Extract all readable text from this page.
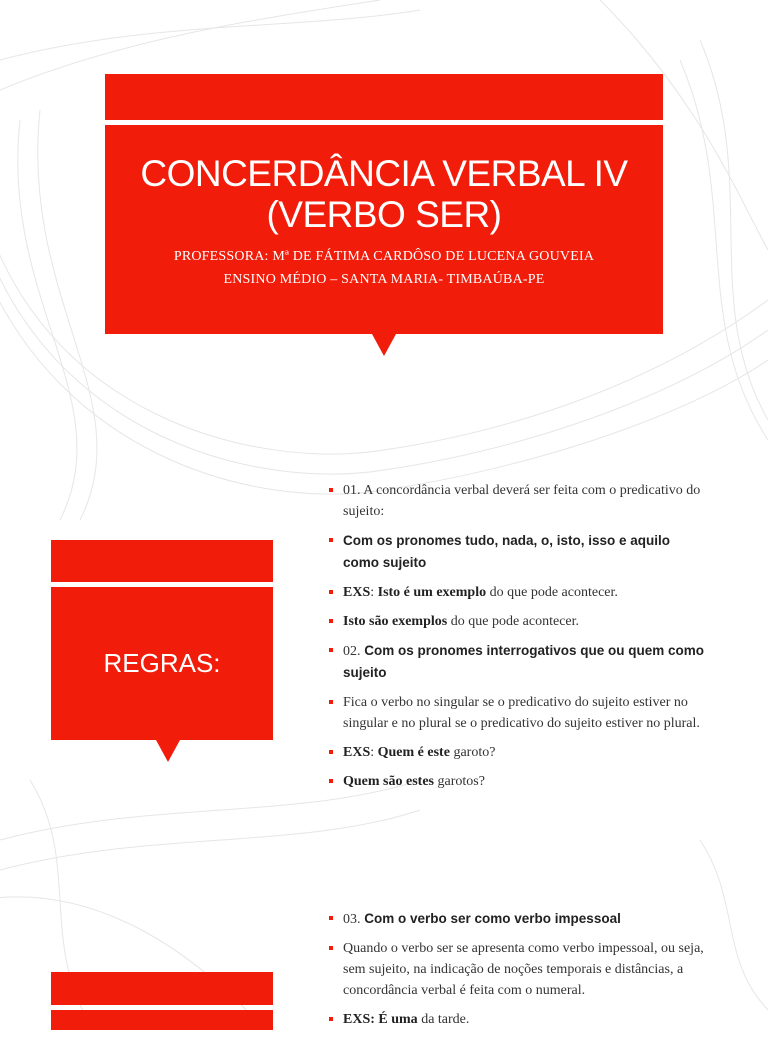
CONCERDÂNCIA VERBAL IV
(VERBO SER)
PROFESSORA: Mª DE FÁTIMA CARDÔSO DE LUCENA GOUVEIA
ENSINO MÉDIO – SANTA MARIA- TIMBAÚBA-PE
REGRAS:
01. A concordância verbal deverá ser feita com o predicativo do sujeito:
Com os pronomes tudo, nada, o, isto, isso e aquilo como sujeito
EXS: Isto é um exemplo do que pode acontecer.
Isto são exemplos do que pode acontecer.
02. Com os pronomes interrogativos que ou quem como sujeito
Fica o verbo no singular se o predicativo do sujeito estiver no singular e no plural se o predicativo do sujeito estiver no plural.
EXS: Quem é este garoto?
Quem são estes garotos?
03. Com o verbo ser como verbo impessoal
Quando o verbo ser se apresenta como verbo impessoal, ou seja, sem sujeito, na indicação de noções temporais e distâncias, a concordância verbal é feita com o numeral.
EXS: É uma da tarde.
